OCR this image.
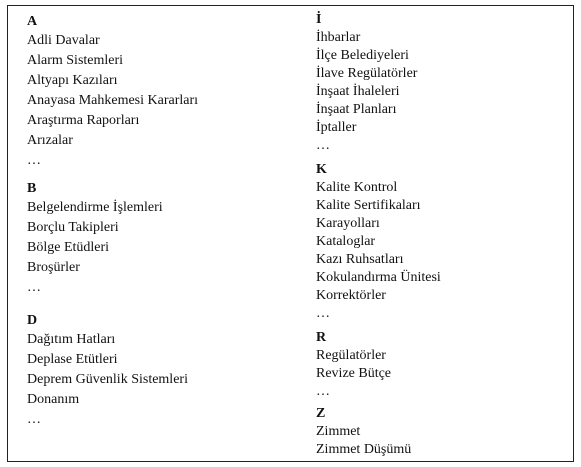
A
Adli Davalar
Alarm Sistemleri
Altyapı Kazıları
Anayasa Mahkemesi Kararları
Araştırma Raporları
Arızalar
…
B
Belgelendirme İşlemleri
Borçlu Takipleri
Bölge Etüdleri
Broşürler
…
D
Dağıtım Hatları
Deplase Etütleri
Deprem Güvenlik Sistemleri
Donanım
…
İ
İhbarlar
İlçe Belediyeleri
İlave Regülatörler
İnşaat İhaleleri
İnşaat Planları
İptaller
…
K
Kalite Kontrol
Kalite Sertifikaları
Karayolları
Kataloglar
Kazı Ruhsatları
Kokulandırma Ünitesi
Korrektörler
…
R
Regülatörler
Revize Bütçe
…
Z
Zimmet
Zimmet Düşümü
